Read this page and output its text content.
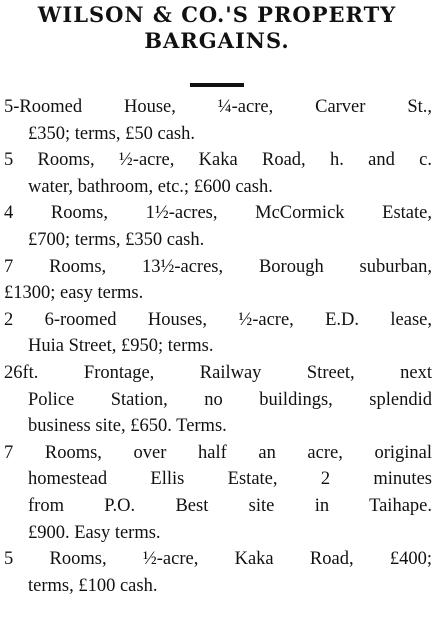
WILSON & CO.'S PROPERTY
BARGAINS.
5-Roomed House, ¼-acre, Carver St.,
£350; terms, £50 cash.
5 Rooms, ½-acre, Kaka Road, h. and c.
water, bathroom, etc.; £600 cash.
4 Rooms, 1½-acres, McCormick Estate,
£700; terms, £350 cash.
7 Rooms, 13½-acres, Borough suburban,
£1300; easy terms.
2 6-roomed Houses, ½-acre, E.D. lease,
Huia Street, £950; terms.
26ft. Frontage, Railway Street, next
Police Station, no buildings, splendid
business site, £650. Terms.
7 Rooms, over half an acre, original
homestead Ellis Estate, 2 minutes
from P.O. Best site in Taihape.
£900. Easy terms.
5 Rooms, ½-acre, Kaka Road, £400;
terms, £100 cash.
